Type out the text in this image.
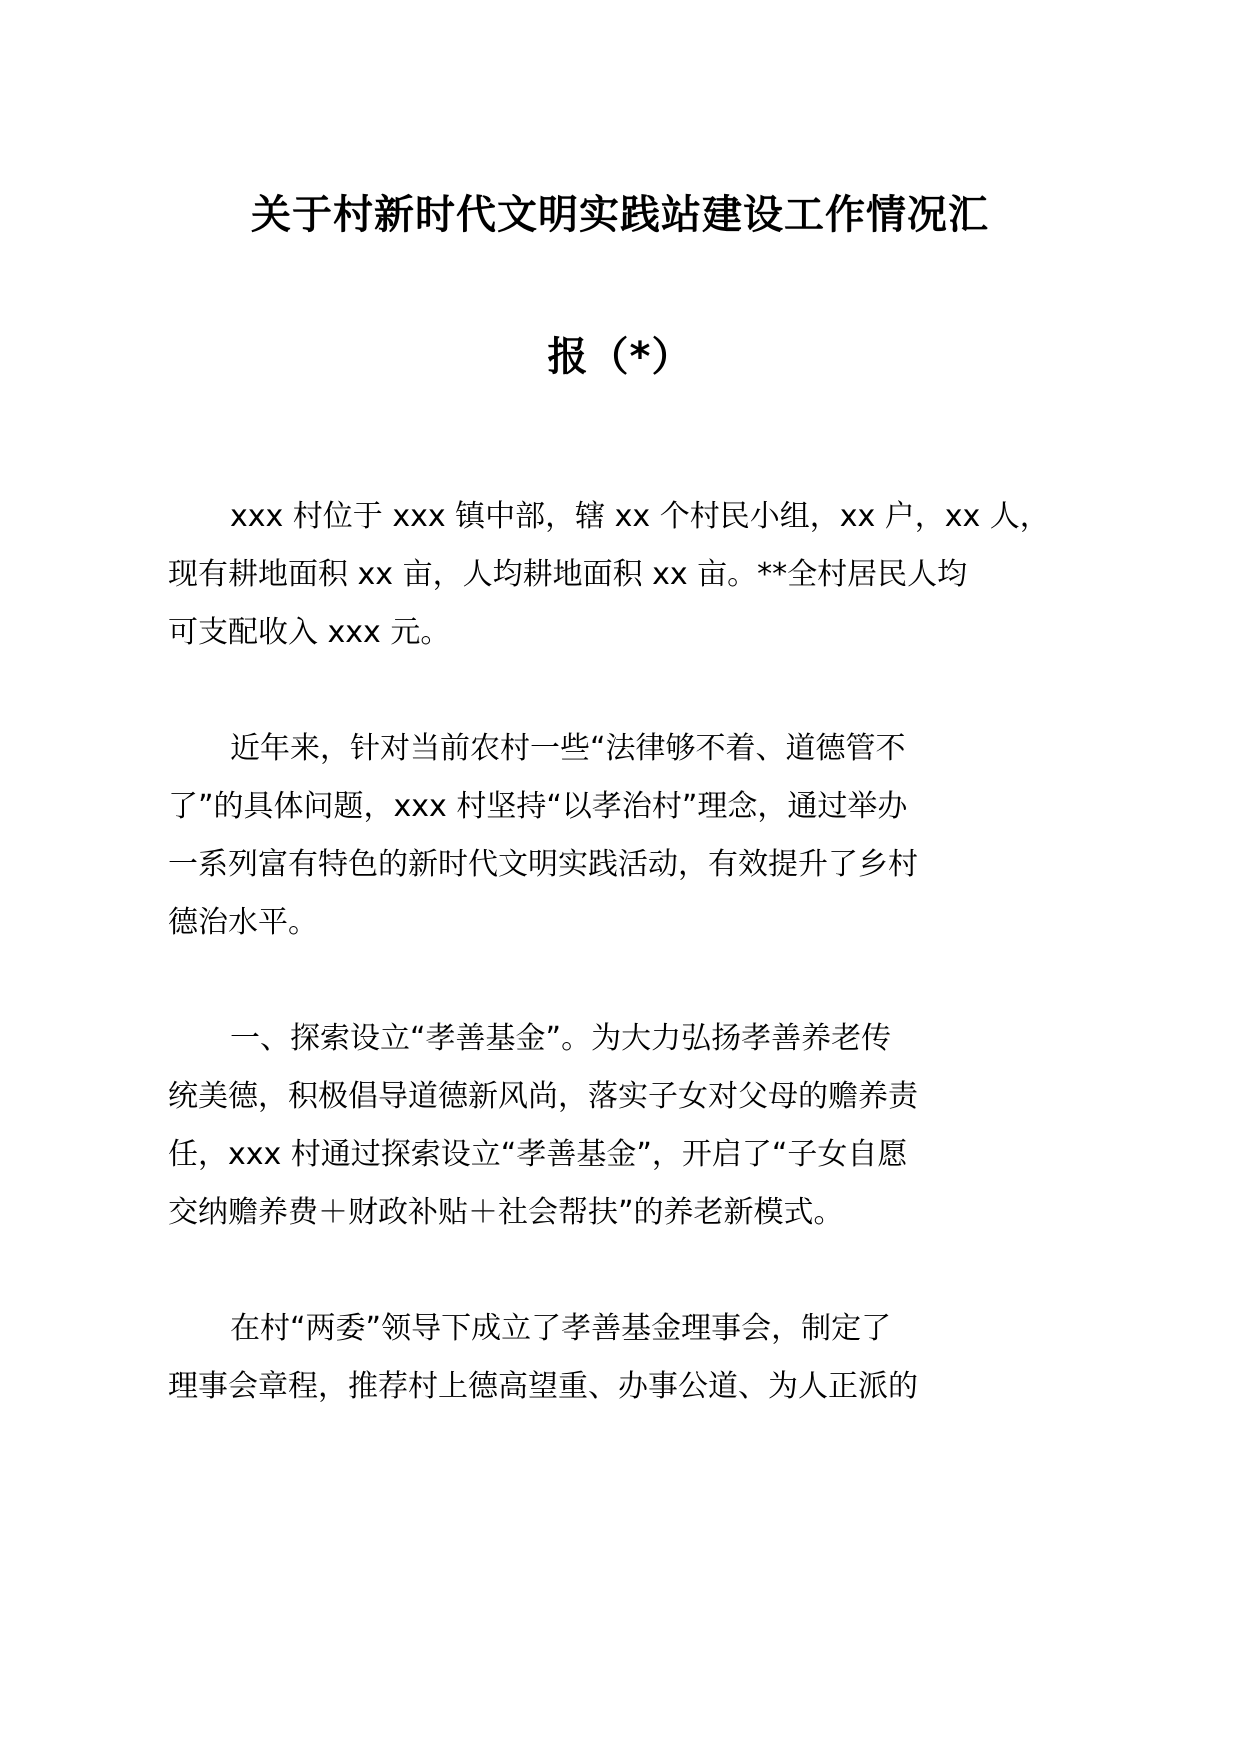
关于村新时代文明实践站建设工作情况汇
报（*）
xxx 村位于 xxx 镇中部，辖 xx 个村民小组，xx 户，xx 人，
现有耕地面积 xx 亩，人均耕地面积 xx 亩。**全村居民人均
可支配收入 xxx 元。
近年来，针对当前农村一些“法律够不着、道德管不
了”的具体问题，xxx 村坚持“以孝治村”理念，通过举办
一系列富有特色的新时代文明实践活动，有效提升了乡村
德治水平。
一、探索设立“孝善基金”。为大力弘扬孝善养老传
统美德，积极倡导道德新风尚，落实子女对父母的赡养责
任，xxx 村通过探索设立“孝善基金”，开启了“子女自愿
交纳赡养费＋财政补贴＋社会帮扶”的养老新模式。
在村“两委”领导下成立了孝善基金理事会，制定了
理事会章程，推荐村上德高望重、办事公道、为人正派的
